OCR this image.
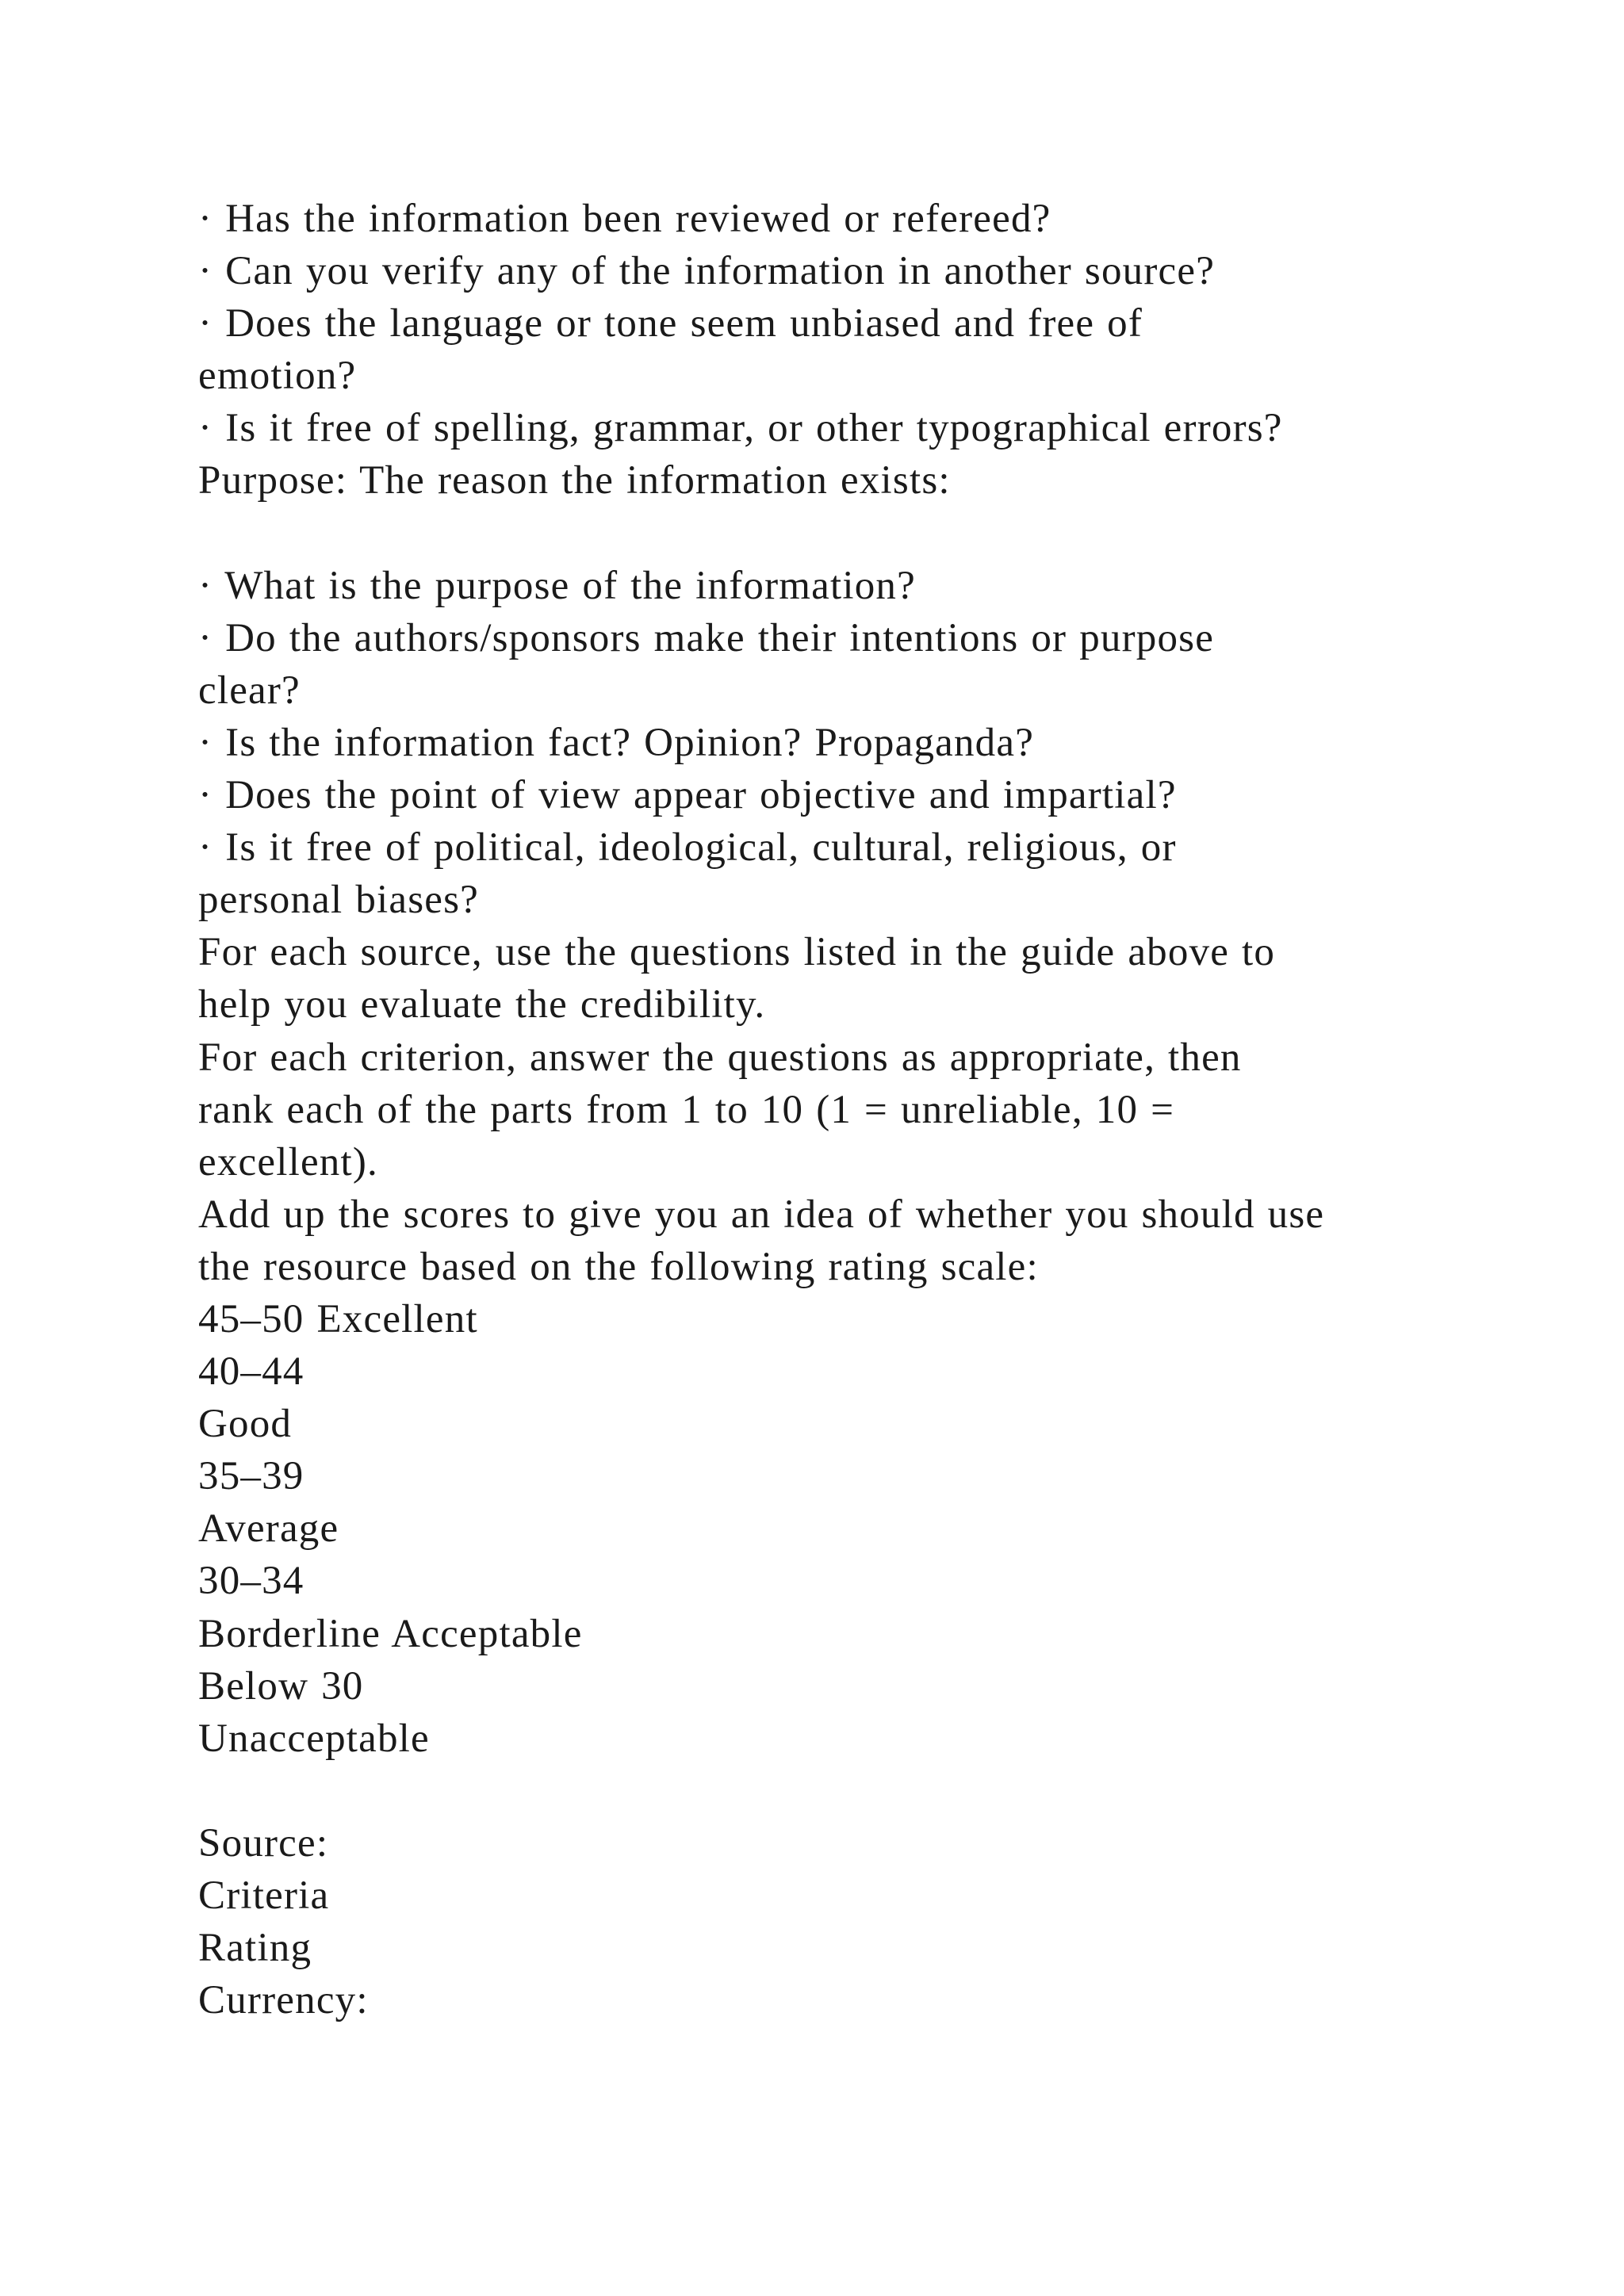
· Has the information been reviewed or refereed?
· Can you verify any of the information in another source?
· Does the language or tone seem unbiased and free of
emotion?
· Is it free of spelling, grammar, or other typographical errors?
Purpose: The reason the information exists:
· What is the purpose of the information?
· Do the authors/sponsors make their intentions or purpose
clear?
· Is the information fact? Opinion? Propaganda?
· Does the point of view appear objective and impartial?
· Is it free of political, ideological, cultural, religious, or
personal biases?
For each source, use the questions listed in the guide above to
help you evaluate the credibility.
For each criterion, answer the questions as appropriate, then
rank each of the parts from 1 to 10 (1 = unreliable, 10 =
excellent).
Add up the scores to give you an idea of whether you should use
the resource based on the following rating scale:
45–50 Excellent
40–44
Good
35–39
Average
30–34
Borderline Acceptable
Below 30
Unacceptable
Source:
Criteria
Rating
Currency:
